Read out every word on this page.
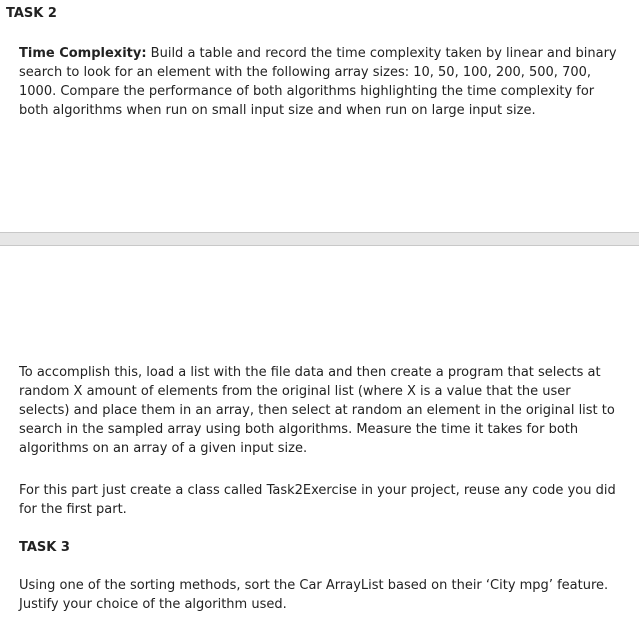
TASK 2

Time Complexity: Build a table and record the time complexity taken by linear and binary search to look for an element with the following array sizes: 10, 50, 100, 200, 500, 700, 1000. Compare the performance of both algorithms highlighting the time complexity for both algorithms when run on small input size and when run on large input size.

To accomplish this, load a list with the file data and then create a program that selects at random X amount of elements from the original list (where X is a value that the user selects) and place them in an array, then select at random an element in the original list to search in the sampled array using both algorithms. Measure the time it takes for both algorithms on an array of a given input size.

For this part just create a class called Task2Exercise in your project, reuse any code you did for the first part.

TASK 3

Using one of the sorting methods, sort the Car ArrayList based on their ‘City mpg’ feature. Justify your choice of the algorithm used.
